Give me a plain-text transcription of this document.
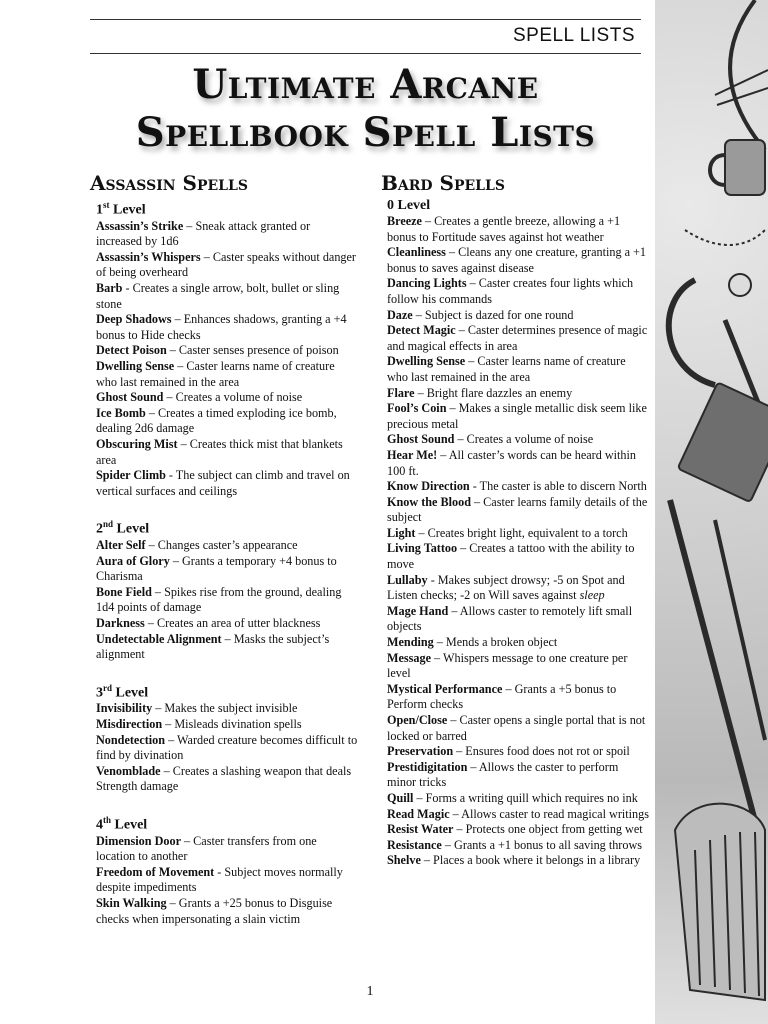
SPELL LISTS
Ultimate Arcane
Spellbook Spell Lists
Assassin Spells
1st Level
Assassin’s Strike – Sneak attack granted or increased by 1d6
Assassin’s Whispers – Caster speaks without danger of being overheard
Barb - Creates a single arrow, bolt, bullet or sling stone
Deep Shadows – Enhances shadows, granting a +4 bonus to Hide checks
Detect Poison – Caster senses presence of poison
Dwelling Sense – Caster learns name of creature who last remained in the area
Ghost Sound – Creates a volume of noise
Ice Bomb – Creates a timed exploding ice bomb, dealing 2d6 damage
Obscuring Mist – Creates thick mist that blankets area
Spider Climb - The subject can climb and travel on vertical surfaces and ceilings
2nd Level
Alter Self – Changes caster’s appearance
Aura of Glory – Grants a temporary +4 bonus to Charisma
Bone Field – Spikes rise from the ground, dealing 1d4 points of damage
Darkness – Creates an area of utter blackness
Undetectable Alignment – Masks the subject’s alignment
3rd Level
Invisibility – Makes the subject invisible
Misdirection – Misleads divination spells
Nondetection – Warded creature becomes difficult to find by divination
Venomblade – Creates a slashing weapon that deals Strength damage
4th Level
Dimension Door – Caster transfers from one location to another
Freedom of Movement - Subject moves normally despite impediments
Skin Walking – Grants a +25 bonus to Disguise checks when impersonating a slain victim
Bard Spells
0 Level
Breeze – Creates a gentle breeze, allowing a +1 bonus to Fortitude saves against hot weather
Cleanliness – Cleans any one creature, granting a +1 bonus to saves against disease
Dancing Lights – Caster creates four lights which follow his commands
Daze – Subject is dazed for one round
Detect Magic – Caster determines presence of magic and magical effects in area
Dwelling Sense – Caster learns name of creature who last remained in the area
Flare – Bright flare dazzles an enemy
Fool’s Coin – Makes a single metallic disk seem like precious metal
Ghost Sound – Creates a volume of noise
Hear Me! – All caster’s words can be heard within 100 ft.
Know Direction - The caster is able to discern North
Know the Blood – Caster learns family details of the subject
Light – Creates bright light, equivalent to a torch
Living Tattoo – Creates a tattoo with the ability to move
Lullaby - Makes subject drowsy; -5 on Spot and Listen checks; -2 on Will saves against sleep
Mage Hand – Allows caster to remotely lift small objects
Mending – Mends a broken object
Message – Whispers message to one creature per level
Mystical Performance – Grants a +5 bonus to Perform checks
Open/Close – Caster opens a single portal that is not locked or barred
Preservation – Ensures food does not rot or spoil
Prestidigitation – Allows the caster to perform minor tricks
Quill – Forms a writing quill which requires no ink
Read Magic – Allows caster to read magical writings
Resist Water – Protects one object from getting wet
Resistance – Grants a +1 bonus to all saving throws
Shelve – Places a book where it belongs in a library
1
